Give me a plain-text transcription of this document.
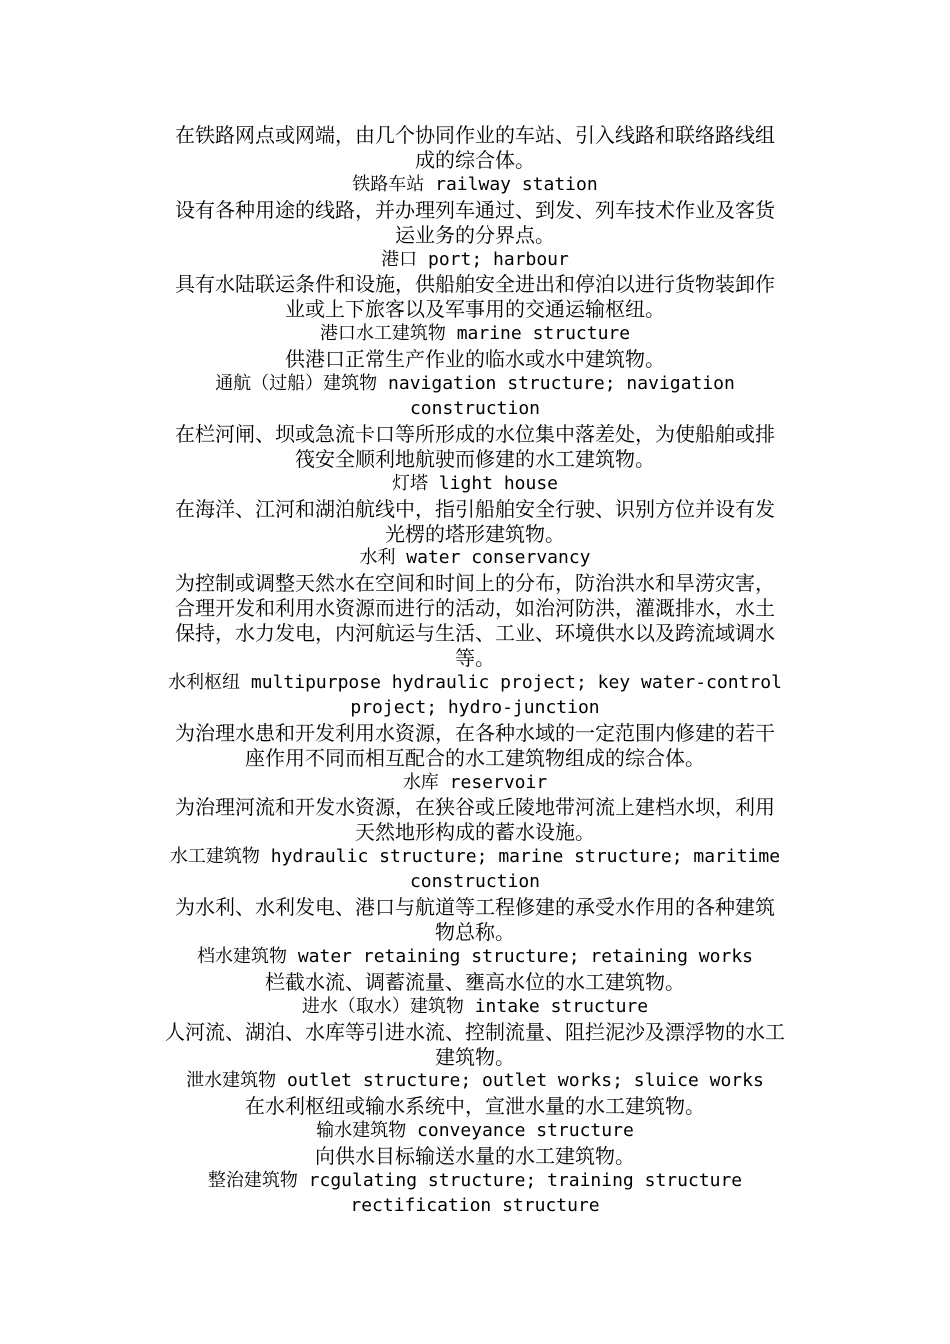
在铁路网点或网端，由几个协同作业的车站、引入线路和联络路线组
成的综合体。
铁路车站 railway station
设有各种用途的线路，并办理列车通过、到发、列车技术作业及客货
运业务的分界点。
港口 port; harbour
具有水陆联运条件和设施，供船舶安全进出和停泊以进行货物装卸作
业或上下旅客以及军事用的交通运输枢纽。
港口水工建筑物 marine structure
供港口正常生产作业的临水或水中建筑物。
通航（过船）建筑物 navigation structure; navigation
construction
在栏河闸、坝或急流卡口等所形成的水位集中落差处，为使船舶或排
筏安全顺利地航驶而修建的水工建筑物。
灯塔 light house
在海洋、江河和湖泊航线中，指引船舶安全行驶、识别方位并设有发
光楞的塔形建筑物。
水利 water conservancy
为控制或调整天然水在空间和时间上的分布，防治洪水和旱涝灾害，
合理开发和利用水资源而进行的活动，如治河防洪，灌溉排水，水土
保持，水力发电，内河航运与生活、工业、环境供水以及跨流域调水
等。
水利枢纽 multipurpose hydraulic project; key water-control
project; hydro-junction
为治理水患和开发利用水资源，在各种水域的一定范围内修建的若干
座作用不同而相互配合的水工建筑物组成的综合体。
水库 reservoir
为治理河流和开发水资源，在狭谷或丘陵地带河流上建档水坝，利用
天然地形构成的蓄水设施。
水工建筑物 hydraulic structure; marine structure; maritime
construction
为水利、水利发电、港口与航道等工程修建的承受水作用的各种建筑
物总称。
档水建筑物 water retaining structure; retaining works
栏截水流、调蓄流量、壅高水位的水工建筑物。
进水（取水）建筑物 intake structure
人河流、湖泊、水库等引进水流、控制流量、阻拦泥沙及漂浮物的水工
建筑物。
泄水建筑物 outlet structure; outlet works; sluice works
在水利枢纽或输水系统中，宣泄水量的水工建筑物。
输水建筑物 conveyance structure
向供水目标输送水量的水工建筑物。
整治建筑物 rcgulating structure; training structure
rectification structure
